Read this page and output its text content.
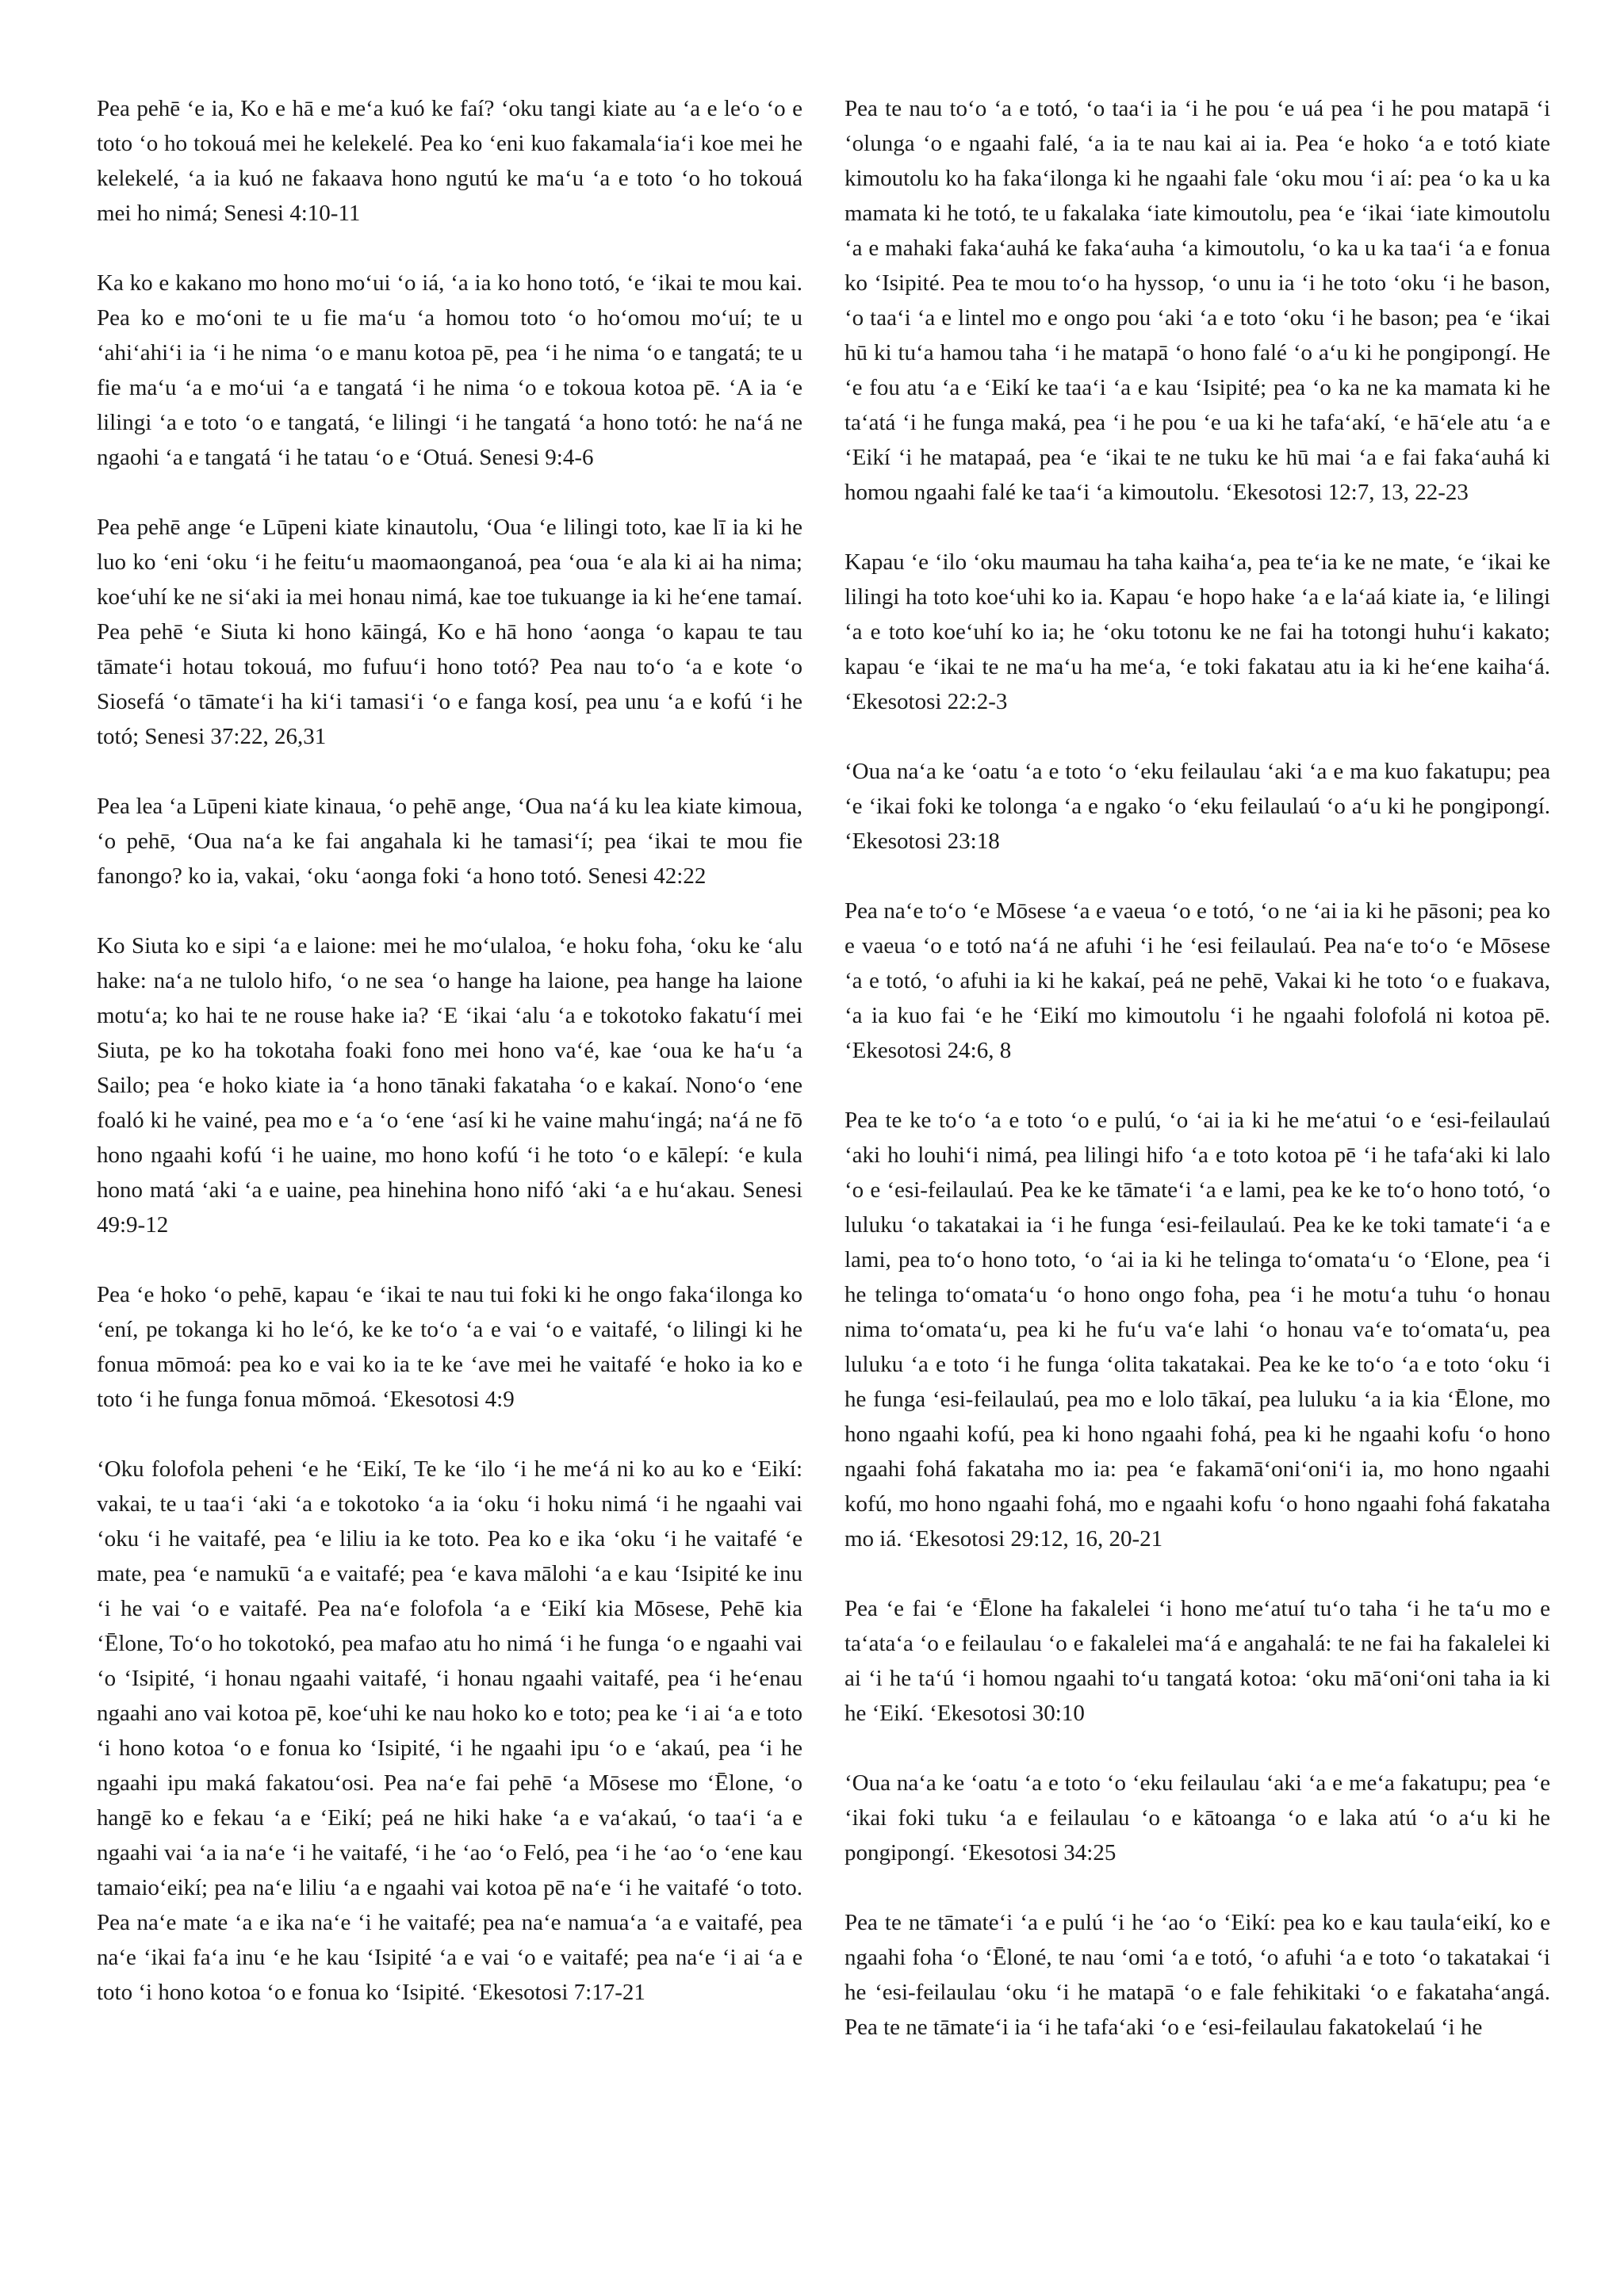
Pea pehē ‘e ia, Ko e hā e me‘a kuó ke faí? ‘oku tangi kiate au ‘a e le‘o ‘o e toto ‘o ho tokouá mei he kelekelé. Pea ko ‘eni kuo fakamala‘ia‘i koe mei he kelekelé, ‘a ia kuó ne fakaava hono ngutú ke ma‘u ‘a e toto ‘o ho tokouá mei ho nimá; Senesi 4:10-11

Ka ko e kakano mo hono mo‘ui ‘o iá, ‘a ia ko hono totó, ‘e ‘ikai te mou kai. Pea ko e mo‘oni te u fie ma‘u ‘a homou toto ‘o ho‘omou mo‘uí; te u ‘ahi‘ahi‘i ia ‘i he nima ‘o e manu kotoa pē, pea ‘i he nima ‘o e tangatá; te u fie ma‘u ‘a e mo‘ui ‘a e tangatá ‘i he nima ‘o e tokoua kotoa pē. ‘A ia ‘e lilingi ‘a e toto ‘o e tangatá, ‘e lilingi ‘i he tangatá ‘a hono totó: he na‘á ne ngaohi ‘a e tangatá ‘i he tatau ‘o e ‘Otuá. Senesi 9:4-6

Pea pehē ange ‘e Lūpeni kiate kinautolu, ‘Oua ‘e lilingi toto, kae lī ia ki he luo ko ‘eni ‘oku ‘i he feitu‘u maomaonganoá, pea ‘oua ‘e ala ki ai ha nima; koe‘uhí ke ne si‘aki ia mei honau nimá, kae toe tukuange ia ki he‘ene tamaí. Pea pehē ‘e Siuta ki hono kāingá, Ko e hā hono ‘aonga ‘o kapau te tau tāmate‘i hotau tokouá, mo fufuu‘i hono totó? Pea nau to‘o ‘a e kote ‘o Siosefá ‘o tāmate‘i ha ki‘i tamasi‘i ‘o e fanga kosí, pea unu ‘a e kofú ‘i he totó; Senesi 37:22, 26,31

Pea lea ‘a Lūpeni kiate kinaua, ‘o pehē ange, ‘Oua na‘á ku lea kiate kimoua, ‘o pehē, ‘Oua na‘a ke fai angahala ki he tamasi‘í; pea ‘ikai te mou fie fanongo? ko ia, vakai, ‘oku ‘aonga foki ‘a hono totó. Senesi 42:22

Ko Siuta ko e sipi ‘a e laione: mei he mo‘ulaloa, ‘e hoku foha, ‘oku ke ‘alu hake: na‘a ne tulolo hifo, ‘o ne sea ‘o hange ha laione, pea hange ha laione motu‘a; ko hai te ne rouse hake ia? ‘E ‘ikai ‘alu ‘a e tokotoko fakatu‘í mei Siuta, pe ko ha tokotaha foaki fono mei hono va‘é, kae ‘oua ke ha‘u ‘a Sailo; pea ‘e hoko kiate ia ‘a hono tānaki fakataha ‘o e kakaí. Nono‘o ‘ene foaló ki he vainé, pea mo e ‘a ‘o ‘ene ‘así ki he vaine mahu‘ingá; na‘á ne fō hono ngaahi kofú ‘i he uaine, mo hono kofú ‘i he toto ‘o e kālepí: ‘e kula hono matá ‘aki ‘a e uaine, pea hinehina hono nifó ‘aki ‘a e hu‘akau. Senesi 49:9-12

Pea ‘e hoko ‘o pehē, kapau ‘e ‘ikai te nau tui foki ki he ongo faka‘ilonga ko ‘ení, pe tokanga ki ho le‘ó, ke ke to‘o ‘a e vai ‘o e vaitafé, ‘o lilingi ki he fonua mōmoá: pea ko e vai ko ia te ke ‘ave mei he vaitafé ‘e hoko ia ko e toto ‘i he funga fonua mōmoá. ‘Ekesotosi 4:9

‘Oku folofola peheni ‘e he ‘Eikí, Te ke ‘ilo ‘i he me‘á ni ko au ko e ‘Eikí: vakai, te u taa‘i ‘aki ‘a e tokotoko ‘a ia ‘oku ‘i hoku nimá ‘i he ngaahi vai ‘oku ‘i he vaitafé, pea ‘e liliu ia ke toto. Pea ko e ika ‘oku ‘i he vaitafé ‘e mate, pea ‘e namukū ‘a e vaitafé; pea ‘e kava mālohi ‘a e kau ‘Isipité ke inu ‘i he vai ‘o e vaitafé. Pea na‘e folofola ‘a e ‘Eikí kia Mōsese, Pehē kia ‘Ēlone, To‘o ho tokotokó, pea mafao atu ho nimá ‘i he funga ‘o e ngaahi vai ‘o ‘Isipité, ‘i honau ngaahi vaitafé, ‘i honau ngaahi vaitafé, pea ‘i he‘enau ngaahi ano vai kotoa pē, koe‘uhi ke nau hoko ko e toto; pea ke ‘i ai ‘a e toto ‘i hono kotoa ‘o e fonua ko ‘Isipité, ‘i he ngaahi ipu ‘o e ‘akaú, pea ‘i he ngaahi ipu maká fakatou‘osi. Pea na‘e fai pehē ‘a Mōsese mo ‘Ēlone, ‘o hangē ko e fekau ‘a e ‘Eikí; peá ne hiki hake ‘a e va‘akaú, ‘o taa‘i ‘a e ngaahi vai ‘a ia na‘e ‘i he vaitafé, ‘i he ‘ao ‘o Feló, pea ‘i he ‘ao ‘o ‘ene kau tamaio‘eikí; pea na‘e liliu ‘a e ngaahi vai kotoa pē na‘e ‘i he vaitafé ‘o toto. Pea na‘e mate ‘a e ika na‘e ‘i he vaitafé; pea na‘e namua‘a ‘a e vaitafé, pea na‘e ‘ikai fa‘a inu ‘e he kau ‘Isipité ‘a e vai ‘o e vaitafé; pea na‘e ‘i ai ‘a e toto ‘i hono kotoa ‘o e fonua ko ‘Isipité. ‘Ekesotosi 7:17-21

Pea te nau to‘o ‘a e totó, ‘o taa‘i ia ‘i he pou ‘e uá pea ‘i he pou matapā ‘i ‘olunga ‘o e ngaahi falé, ‘a ia te nau kai ai ia. Pea ‘e hoko ‘a e totó kiate kimoutolu ko ha faka‘ilonga ki he ngaahi fale ‘oku mou ‘i aí: pea ‘o ka u ka mamata ki he totó, te u fakalaka ‘iate kimoutolu, pea ‘e ‘ikai ‘iate kimoutolu ‘a e mahaki faka‘auhá ke faka‘auha ‘a kimoutolu, ‘o ka u ka taa‘i ‘a e fonua ko ‘Isipité. Pea te mou to‘o ha hyssop, ‘o unu ia ‘i he toto ‘oku ‘i he bason, ‘o taa‘i ‘a e lintel mo e ongo pou ‘aki ‘a e toto ‘oku ‘i he bason; pea ‘e ‘ikai hū ki tu‘a hamou taha ‘i he matapā ‘o hono falé ‘o a‘u ki he pongipongí. He ‘e fou atu ‘a e ‘Eikí ke taa‘i ‘a e kau ‘Isipité; pea ‘o ka ne ka mamata ki he ta‘atá ‘i he funga maká, pea ‘i he pou ‘e ua ki he tafa‘akí, ‘e hā‘ele atu ‘a e ‘Eikí ‘i he matapaá, pea ‘e ‘ikai te ne tuku ke hū mai ‘a e fai faka‘auhá ki homou ngaahi falé ke taa‘i ‘a kimoutolu. ‘Ekesotosi 12:7, 13, 22-23

Kapau ‘e ‘ilo ‘oku maumau ha taha kaiha‘a, pea te‘ia ke ne mate, ‘e ‘ikai ke lilingi ha toto koe‘uhi ko ia. Kapau ‘e hopo hake ‘a e la‘aá kiate ia, ‘e lilingi ‘a e toto koe‘uhí ko ia; he ‘oku totonu ke ne fai ha totongi huhu‘i kakato; kapau ‘e ‘ikai te ne ma‘u ha me‘a, ‘e toki fakatau atu ia ki he‘ene kaiha‘á. ‘Ekesotosi 22:2-3

‘Oua na‘a ke ‘oatu ‘a e toto ‘o ‘eku feilaulau ‘aki ‘a e ma kuo fakatupu; pea ‘e ‘ikai foki ke tolonga ‘a e ngako ‘o ‘eku feilaulaú ‘o a‘u ki he pongipongí. ‘Ekesotosi 23:18

Pea na‘e to‘o ‘e Mōsese ‘a e vaeua ‘o e totó, ‘o ne ‘ai ia ki he pāsoni; pea ko e vaeua ‘o e totó na‘á ne afuhi ‘i he ‘esi feilaulaú. Pea na‘e to‘o ‘e Mōsese ‘a e totó, ‘o afuhi ia ki he kakaí, peá ne pehē, Vakai ki he toto ‘o e fuakava, ‘a ia kuo fai ‘e he ‘Eikí mo kimoutolu ‘i he ngaahi folofolá ni kotoa pē. ‘Ekesotosi 24:6, 8

Pea te ke to‘o ‘a e toto ‘o e pulú, ‘o ‘ai ia ki he me‘atui ‘o e ‘esi-feilaulaú ‘aki ho louhi‘i nimá, pea lilingi hifo ‘a e toto kotoa pē ‘i he tafa‘aki ki lalo ‘o e ‘esi-feilaulaú. Pea ke ke tāmate‘i ‘a e lami, pea ke ke to‘o hono totó, ‘o luluku ‘o takatakai ia ‘i he funga ‘esi-feilaulaú. Pea ke ke toki tamate‘i ‘a e lami, pea to‘o hono toto, ‘o ‘ai ia ki he telinga to‘omata‘u ‘o ‘Elone, pea ‘i he telinga to‘omata‘u ‘o hono ongo foha, pea ‘i he motu‘a tuhu ‘o honau nima to‘omata‘u, pea ki he fu‘u va‘e lahi ‘o honau va‘e to‘omata‘u, pea luluku ‘a e toto ‘i he funga ‘olita takatakai. Pea ke ke to‘o ‘a e toto ‘oku ‘i he funga ‘esi-feilaulaú, pea mo e lolo tākaí, pea luluku ‘a ia kia ‘Ēlone, mo hono ngaahi kofú, pea ki hono ngaahi fohá, pea ki he ngaahi kofu ‘o hono ngaahi fohá fakataha mo ia: pea ‘e fakamā‘oni‘oni‘i ia, mo hono ngaahi kofú, mo hono ngaahi fohá, mo e ngaahi kofu ‘o hono ngaahi fohá fakataha mo iá. ‘Ekesotosi 29:12, 16, 20-21

Pea ‘e fai ‘e ‘Ēlone ha fakalelei ‘i hono me‘atuí tu‘o taha ‘i he ta‘u mo e ta‘ata‘a ‘o e feilaulau ‘o e fakalelei ma‘á e angahalá: te ne fai ha fakalelei ki ai ‘i he ta‘ú ‘i homou ngaahi to‘u tangatá kotoa: ‘oku mā‘oni‘oni taha ia ki he ‘Eikí. ‘Ekesotosi 30:10

‘Oua na‘a ke ‘oatu ‘a e toto ‘o ‘eku feilaulau ‘aki ‘a e me‘a fakatupu; pea ‘e ‘ikai foki tuku ‘a e feilaulau ‘o e kātoanga ‘o e laka atú ‘o a‘u ki he pongipongí. ‘Ekesotosi 34:25

Pea te ne tāmate‘i ‘a e pulú ‘i he ‘ao ‘o ‘Eikí: pea ko e kau taula‘eikí, ko e ngaahi foha ‘o ‘Ēloné, te nau ‘omi ‘a e totó, ‘o afuhi ‘a e toto ‘o takatakai ‘i he ‘esi-feilaulau ‘oku ‘i he matapā ‘o e fale fehikitaki ‘o e fakataha‘angá. Pea te ne tāmate‘i ia ‘i he tafa‘aki ‘o e ‘esi-feilaulau fakatokelaú ‘i he
